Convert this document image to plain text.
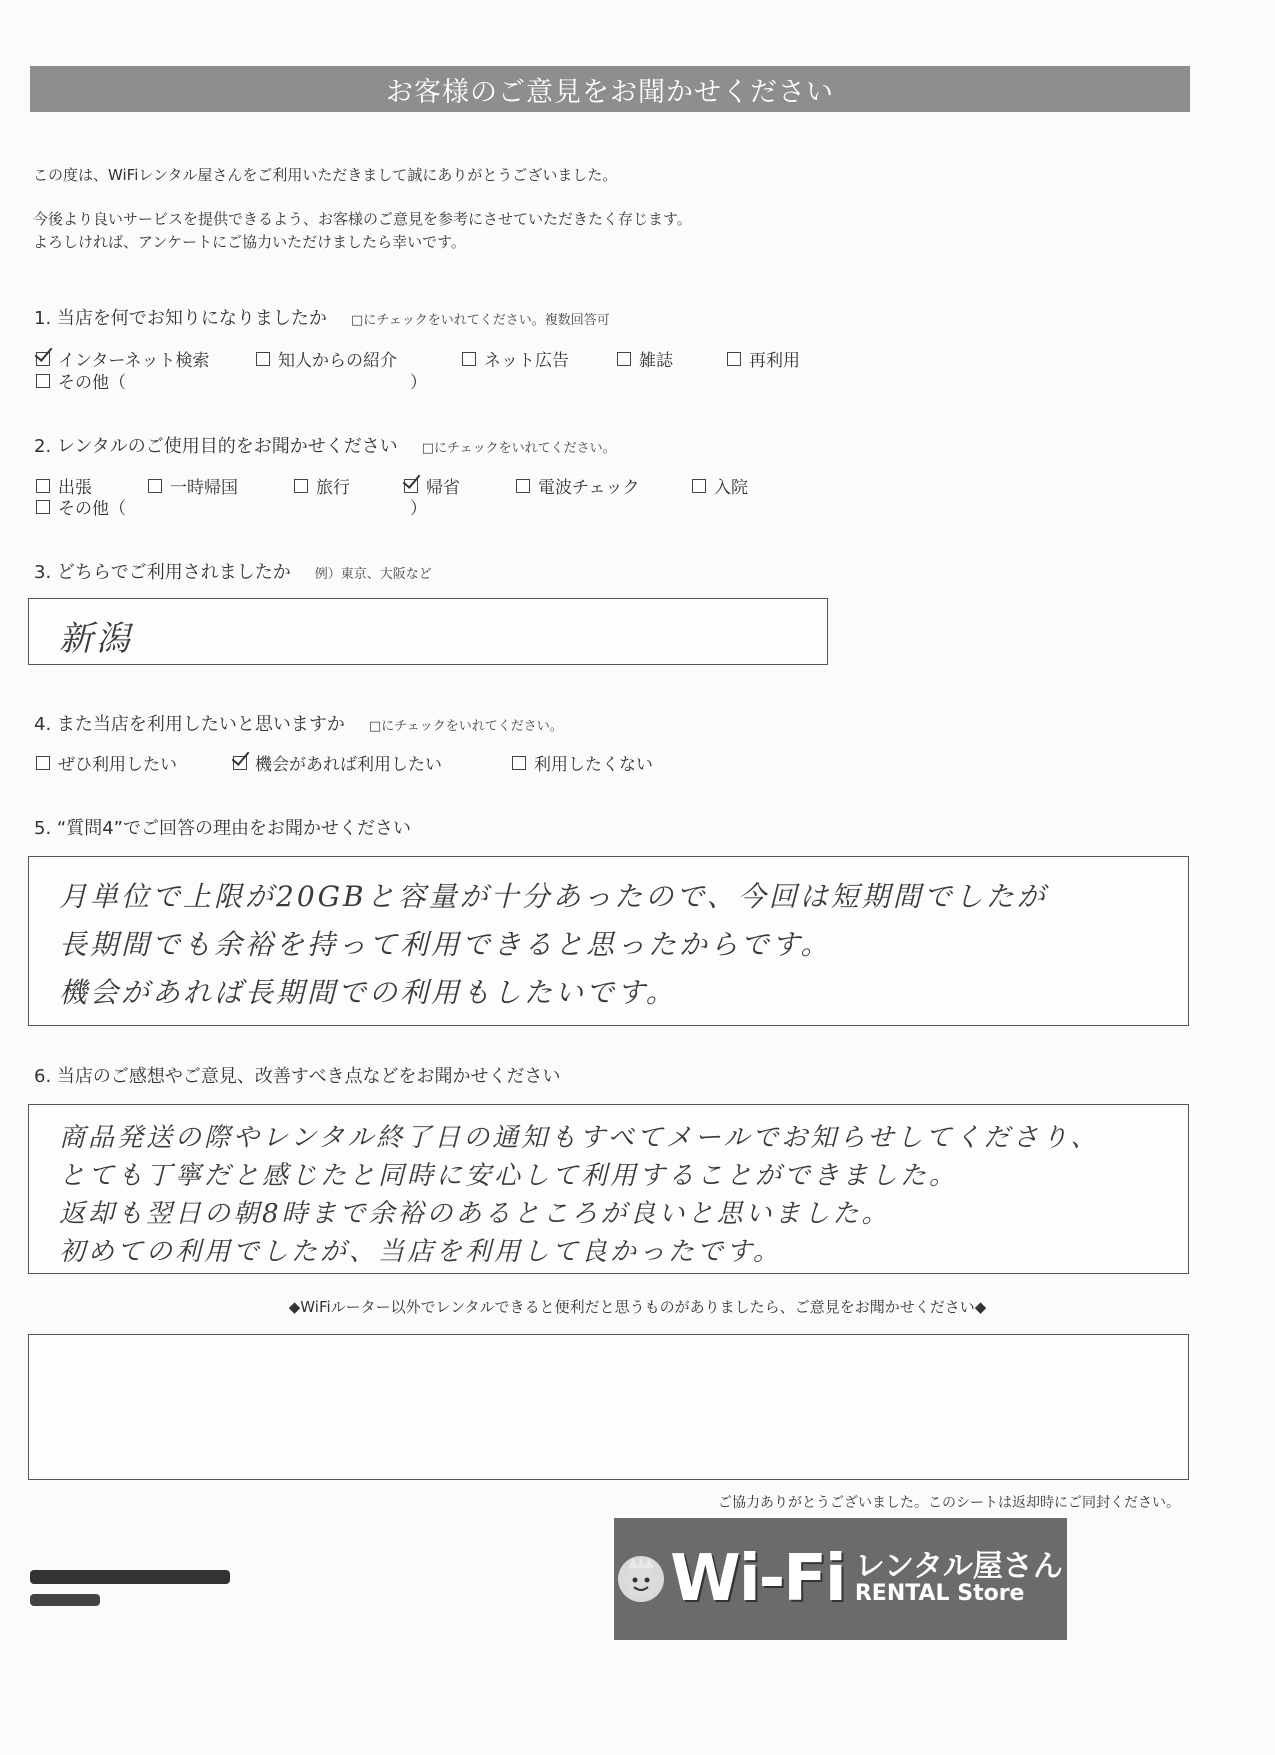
お客様のご意見をお聞かせください
この度は、WiFiレンタル屋さんをご利用いただきまして誠にありがとうございました。
今後より良いサービスを提供できるよう、お客様のご意見を参考にさせていただきたく存じます。
よろしければ、アンケートにご協力いただけましたら幸いです。
1. 当店を何でお知りになりましたか □にチェックをいれてください。複数回答可
インターネット検索	知人からの紹介	ネット広告	雑誌	再利用
その他（	）
2. レンタルのご使用目的をお聞かせください □にチェックをいれてください。
出張	一時帰国	旅行	帰省	電波チェック	入院
その他（	）
3. どちらでご利用されましたか 例）東京、大阪など
新潟
4. また当店を利用したいと思いますか □にチェックをいれてください。
ぜひ利用したい	機会があれば利用したい	利用したくない
5. “質問4”でご回答の理由をお聞かせください
月単位で上限が20GBと容量が十分あったので、今回は短期間でしたが
長期間でも余裕を持って利用できると思ったからです。
機会があれば長期間での利用もしたいです。
6. 当店のご感想やご意見、改善すべき点などをお聞かせください
商品発送の際やレンタル終了日の通知もすべてメールでお知らせしてくださり、
とても丁寧だと感じたと同時に安心して利用することができました。
返却も翌日の朝8時まで余裕のあるところが良いと思いました。
初めての利用でしたが、当店を利用して良かったです。
◆WiFiルーター以外でレンタルできると便利だと思うものがありましたら、ご意見をお聞かせください◆
ご協力ありがとうございました。このシートは返却時にご同封ください。
Wi-Fi レンタル屋さん
RENTAL Store
